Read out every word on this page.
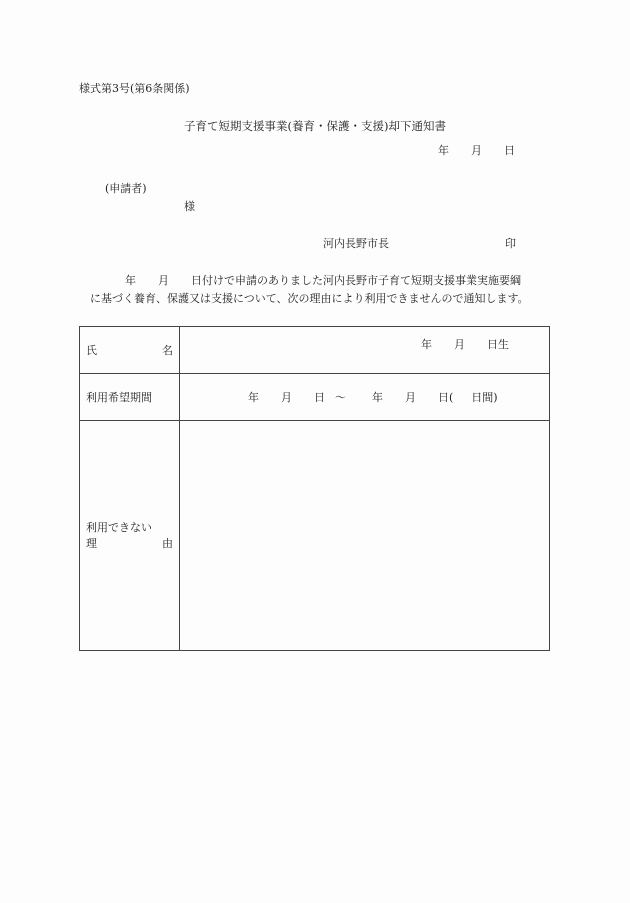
様式第3号(第6条関係)
子育て短期支援事業(養育・保護・支援)却下通知書
年 月 日
(申請者)
様
河内長野市長	印
年 月 日付けで申請のありました河内長野市子育て短期支援事業実施要綱
に基づく養育、保護又は支援について、次の理由により利用できませんので通知します。
氏 名	年 月 日生

利用希望期間	年 月 日 ～ 年 月 日( 日間)

利用できない
理 由	
